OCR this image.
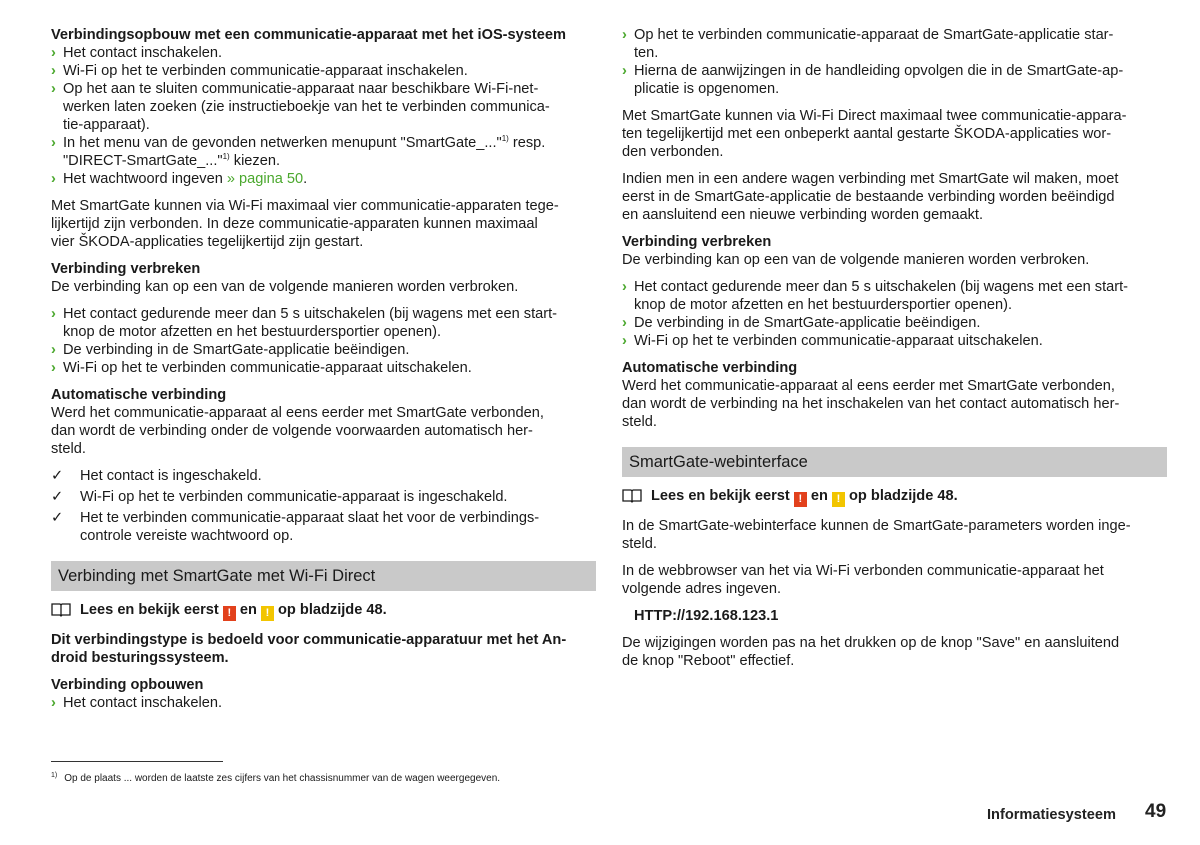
Verbindingsopbouw met een communicatie-apparaat met het iOS-systeem

› Het contact inschakelen.

› Wi-Fi op het te verbinden communicatie-apparaat inschakelen.

› Op het aan te sluiten communicatie-apparaat naar beschikbare Wi-Fi-net-
werken laten zoeken (zie instructieboekje van het te verbinden communica-
tie-apparaat).

› In het menu van de gevonden netwerken menupunt "SmartGate_..."$^{1)}$ resp.
"DIRECT-SmartGate_..."$^{1)}$ kiezen.

› Het wachtwoord ingeven » pagina 50.

Met SmartGate kunnen via Wi-Fi maximaal vier communicatie-apparaten tege-
lijkertijd zijn verbonden. In deze communicatie-apparaten kunnen maximaal
vier ŠKODA-applicaties tegelijkertijd zijn gestart.

Verbinding verbreken

De verbinding kan op een van de volgende manieren worden verbroken.

› Het contact gedurende meer dan 5 s uitschakelen (bij wagens met een start-
knop de motor afzetten en het bestuurdersportier openen).

› De verbinding in de SmartGate-applicatie beëindigen.

› Wi-Fi op het te verbinden communicatie-apparaat uitschakelen.

Automatische verbinding

Werd het communicatie-apparaat al eens eerder met SmartGate verbonden,
dan wordt de verbinding onder de volgende voorwaarden automatisch her-
steld.

✓ Het contact is ingeschakeld.

✓ Wi-Fi op het te verbinden communicatie-apparaat is ingeschakeld.

✓ Het te verbinden communicatie-apparaat slaat het voor de verbindings-
controle vereiste wachtwoord op.

Verbinding met SmartGate met Wi-Fi Direct

Lees en bekijk eerst ! en ! op bladzijde 48.

Dit verbindingstype is bedoeld voor communicatie-apparatuur met het An-
droid besturingssysteem.

Verbinding opbouwen

› Het contact inschakelen.

› Op het te verbinden communicatie-apparaat de SmartGate-applicatie star-
ten.

› Hierna de aanwijzingen in de handleiding opvolgen die in de SmartGate-ap-
plicatie is opgenomen.

Met SmartGate kunnen via Wi-Fi Direct maximaal twee communicatie-appara-
ten tegelijkertijd met een onbeperkt aantal gestarte ŠKODA-applicaties wor-
den verbonden.

Indien men in een andere wagen verbinding met SmartGate wil maken, moet
eerst in de SmartGate-applicatie de bestaande verbinding worden beëindigd
en aansluitend een nieuwe verbinding worden gemaakt.

Verbinding verbreken

De verbinding kan op een van de volgende manieren worden verbroken.

› Het contact gedurende meer dan 5 s uitschakelen (bij wagens met een start-
knop de motor afzetten en het bestuurdersportier openen).

› De verbinding in de SmartGate-applicatie beëindigen.

› Wi-Fi op het te verbinden communicatie-apparaat uitschakelen.

Automatische verbinding

Werd het communicatie-apparaat al eens eerder met SmartGate verbonden,
dan wordt de verbinding na het inschakelen van het contact automatisch her-
steld.

SmartGate-webinterface

Lees en bekijk eerst ! en ! op bladzijde 48.

In de SmartGate-webinterface kunnen de SmartGate-parameters worden inge-
steld.

In de webbrowser van het via Wi-Fi verbonden communicatie-apparaat het
volgende adres ingeven.

HTTP://192.168.123.1

De wijzigingen worden pas na het drukken op de knop "Save" en aansluitend
de knop "Reboot" effectief.

$^{1)}$ Op de plaats ... worden de laatste zes cijfers van het chassisnummer van de wagen weergegeven.

Informatiesysteem 49
